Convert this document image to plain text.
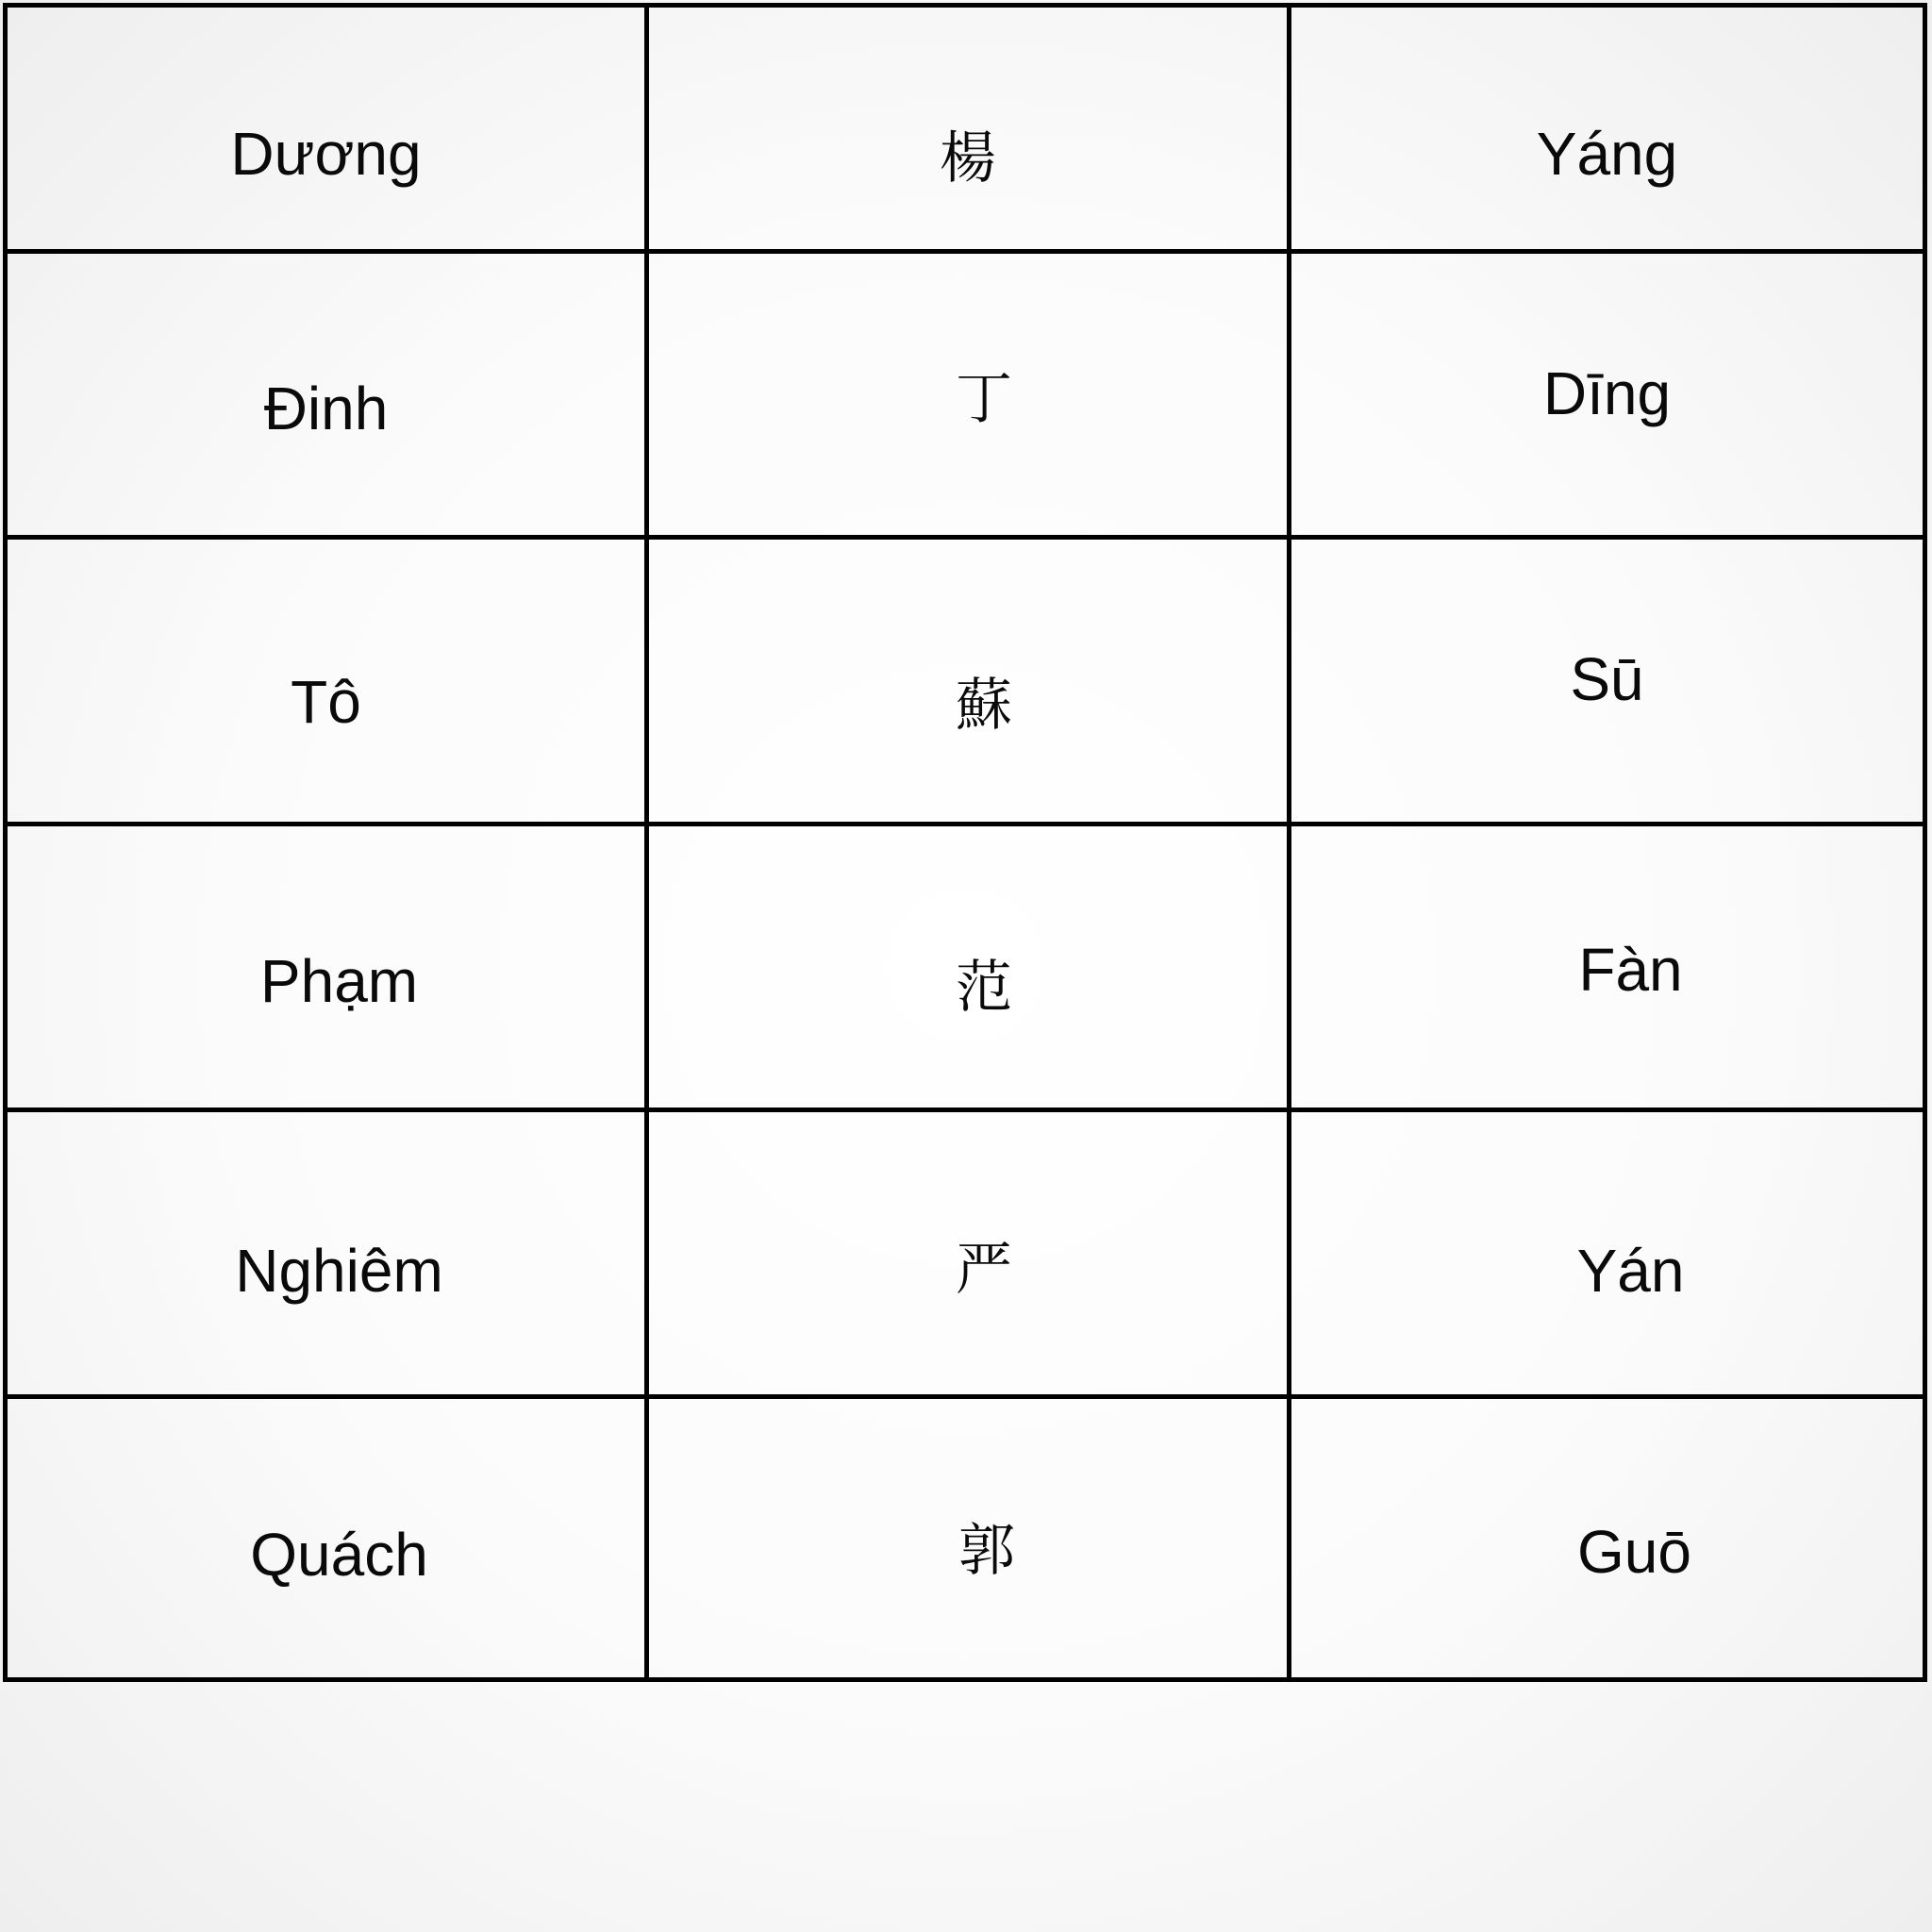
Dương	楊	Yáng
Đinh	丁	Dīng
Tô	蘇	Sū
Phạm	范	Fàn
Nghiêm	严	Yán
Quách	郭	Guō
